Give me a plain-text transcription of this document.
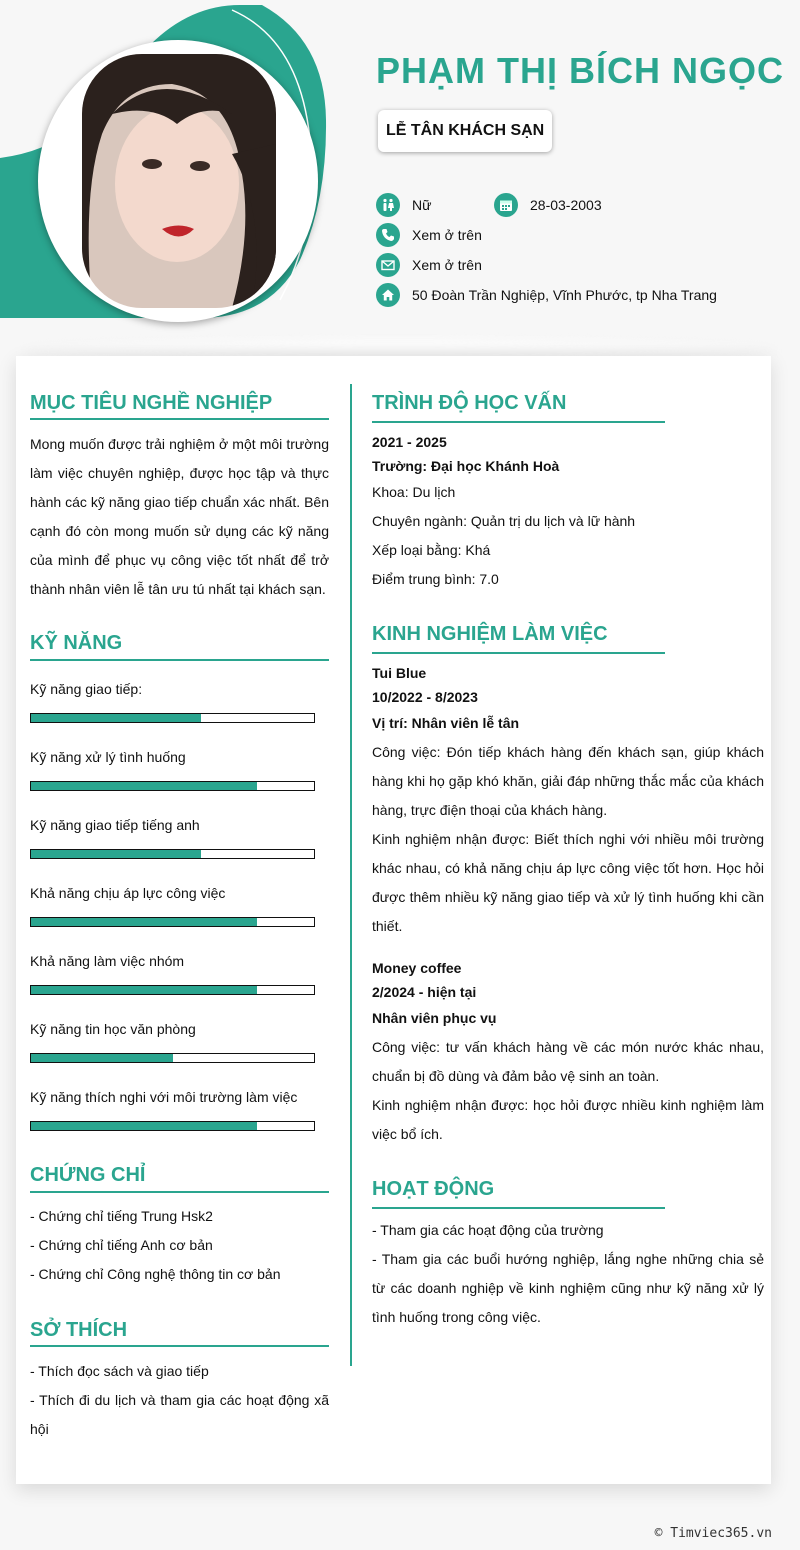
PHẠM THỊ BÍCH NGỌC
LỄ TÂN KHÁCH SẠN
Nữ	28-03-2003
Xem ở trên
Xem ở trên
50 Đoàn Trần Nghiệp, Vĩnh Phước, tp Nha Trang
MỤC TIÊU NGHỀ NGHIỆP
Mong muốn được trải nghiệm ở một môi trường làm việc chuyên nghiệp, được học tập và thực hành các kỹ năng giao tiếp chuẩn xác nhất. Bên cạnh đó còn mong muốn sử dụng các kỹ năng của mình để phục vụ công việc tốt nhất để trở thành nhân viên lễ tân ưu tú nhất tại khách sạn.
KỸ NĂNG
Kỹ năng giao tiếp:
Kỹ năng xử lý tình huống
Kỹ năng giao tiếp tiếng anh
Khả năng chịu áp lực công việc
Khả năng làm việc nhóm
Kỹ năng tin học văn phòng
Kỹ năng thích nghi với môi trường làm việc
CHỨNG CHỈ
- Chứng chỉ tiếng Trung Hsk2
- Chứng chỉ tiếng Anh cơ bản
- Chứng chỉ Công nghệ thông tin cơ bản
SỞ THÍCH
- Thích đọc sách và giao tiếp
- Thích đi du lịch và tham gia các hoạt động xã hội
TRÌNH ĐỘ HỌC VẤN
2021 - 2025
Trường: Đại học Khánh Hoà
Khoa: Du lịch
Chuyên ngành: Quản trị du lịch và lữ hành
Xếp loại bằng: Khá
Điểm trung bình: 7.0
KINH NGHIỆM LÀM VIỆC
Tui Blue
10/2022 - 8/2023
Vị trí: Nhân viên lễ tân
Công việc: Đón tiếp khách hàng đến khách sạn, giúp khách hàng khi họ gặp khó khăn, giải đáp những thắc mắc của khách hàng, trực điện thoại của khách hàng.
Kinh nghiệm nhận được: Biết thích nghi với nhiều môi trường khác nhau, có khả năng chịu áp lực công việc tốt hơn. Học hỏi được thêm nhiều kỹ năng giao tiếp và xử lý tình huống khi cần thiết.
Money coffee
2/2024 - hiện tại
Nhân viên phục vụ
Công việc: tư vấn khách hàng về các món nước khác nhau, chuẩn bị đồ dùng và đảm bảo vệ sinh an toàn.
Kinh nghiệm nhận được: học hỏi được nhiều kinh nghiệm làm việc bổ ích.
HOẠT ĐỘNG
- Tham gia các hoạt động của trường
- Tham gia các buổi hướng nghiệp, lắng nghe những chia sẻ từ các doanh nghiệp về kinh nghiệm cũng như kỹ năng xử lý tình huống trong công việc.
© Timviec365.vn
